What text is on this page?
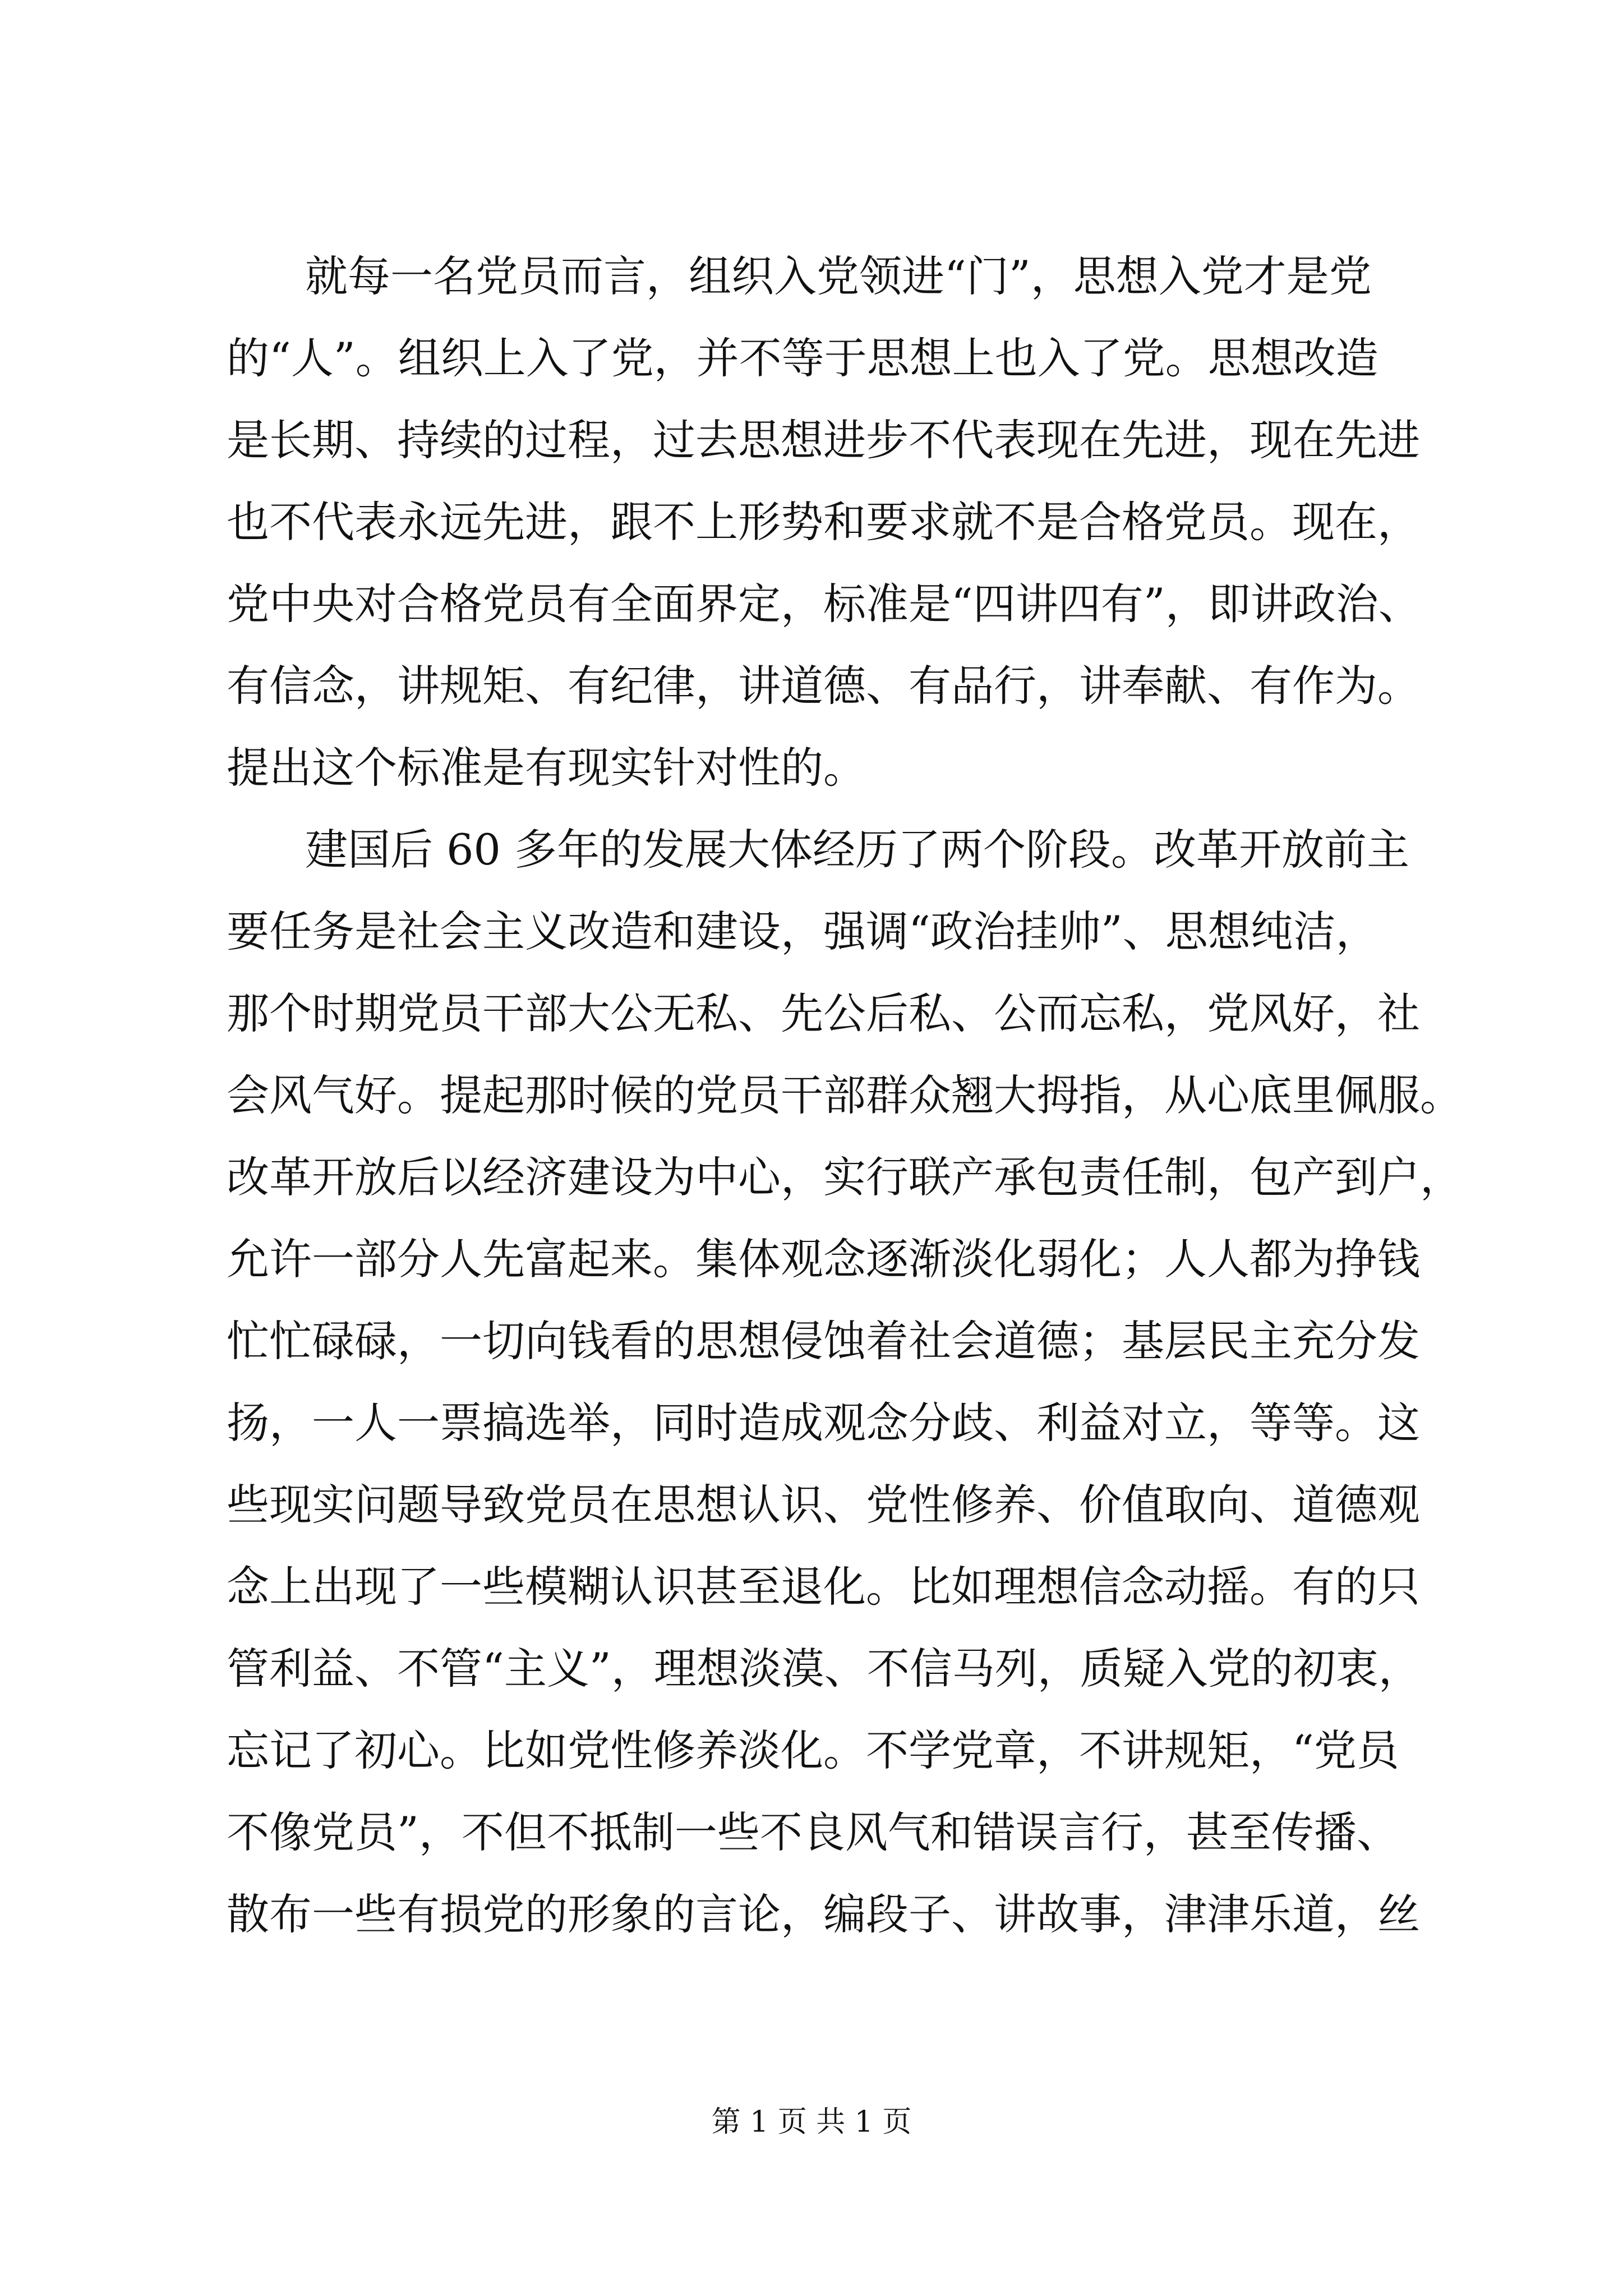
就每一名党员而言，组织入党领进“门”，思想入党才是党
的“人”。组织上入了党，并不等于思想上也入了党。思想改造
是长期、持续的过程，过去思想进步不代表现在先进，现在先进
也不代表永远先进，跟不上形势和要求就不是合格党员。现在，
党中央对合格党员有全面界定，标准是“四讲四有”，即讲政治、
有信念，讲规矩、有纪律，讲道德、有品行，讲奉献、有作为。
提出这个标准是有现实针对性的。
建国后 60 多年的发展大体经历了两个阶段。改革开放前主
要任务是社会主义改造和建设，强调“政治挂帅”、思想纯洁，
那个时期党员干部大公无私、先公后私、公而忘私，党风好，社
会风气好。提起那时候的党员干部群众翘大拇指，从心底里佩服。
改革开放后以经济建设为中心，实行联产承包责任制，包产到户，
允许一部分人先富起来。集体观念逐渐淡化弱化；人人都为挣钱
忙忙碌碌，一切向钱看的思想侵蚀着社会道德；基层民主充分发
扬，一人一票搞选举，同时造成观念分歧、利益对立，等等。这
些现实问题导致党员在思想认识、党性修养、价值取向、道德观
念上出现了一些模糊认识甚至退化。比如理想信念动摇。有的只
管利益、不管“主义”，理想淡漠、不信马列，质疑入党的初衷，
忘记了初心。比如党性修养淡化。不学党章，不讲规矩，“党员
不像党员”，不但不抵制一些不良风气和错误言行，甚至传播、
散布一些有损党的形象的言论，编段子、讲故事，津津乐道，丝
第 1 页 共 1 页
